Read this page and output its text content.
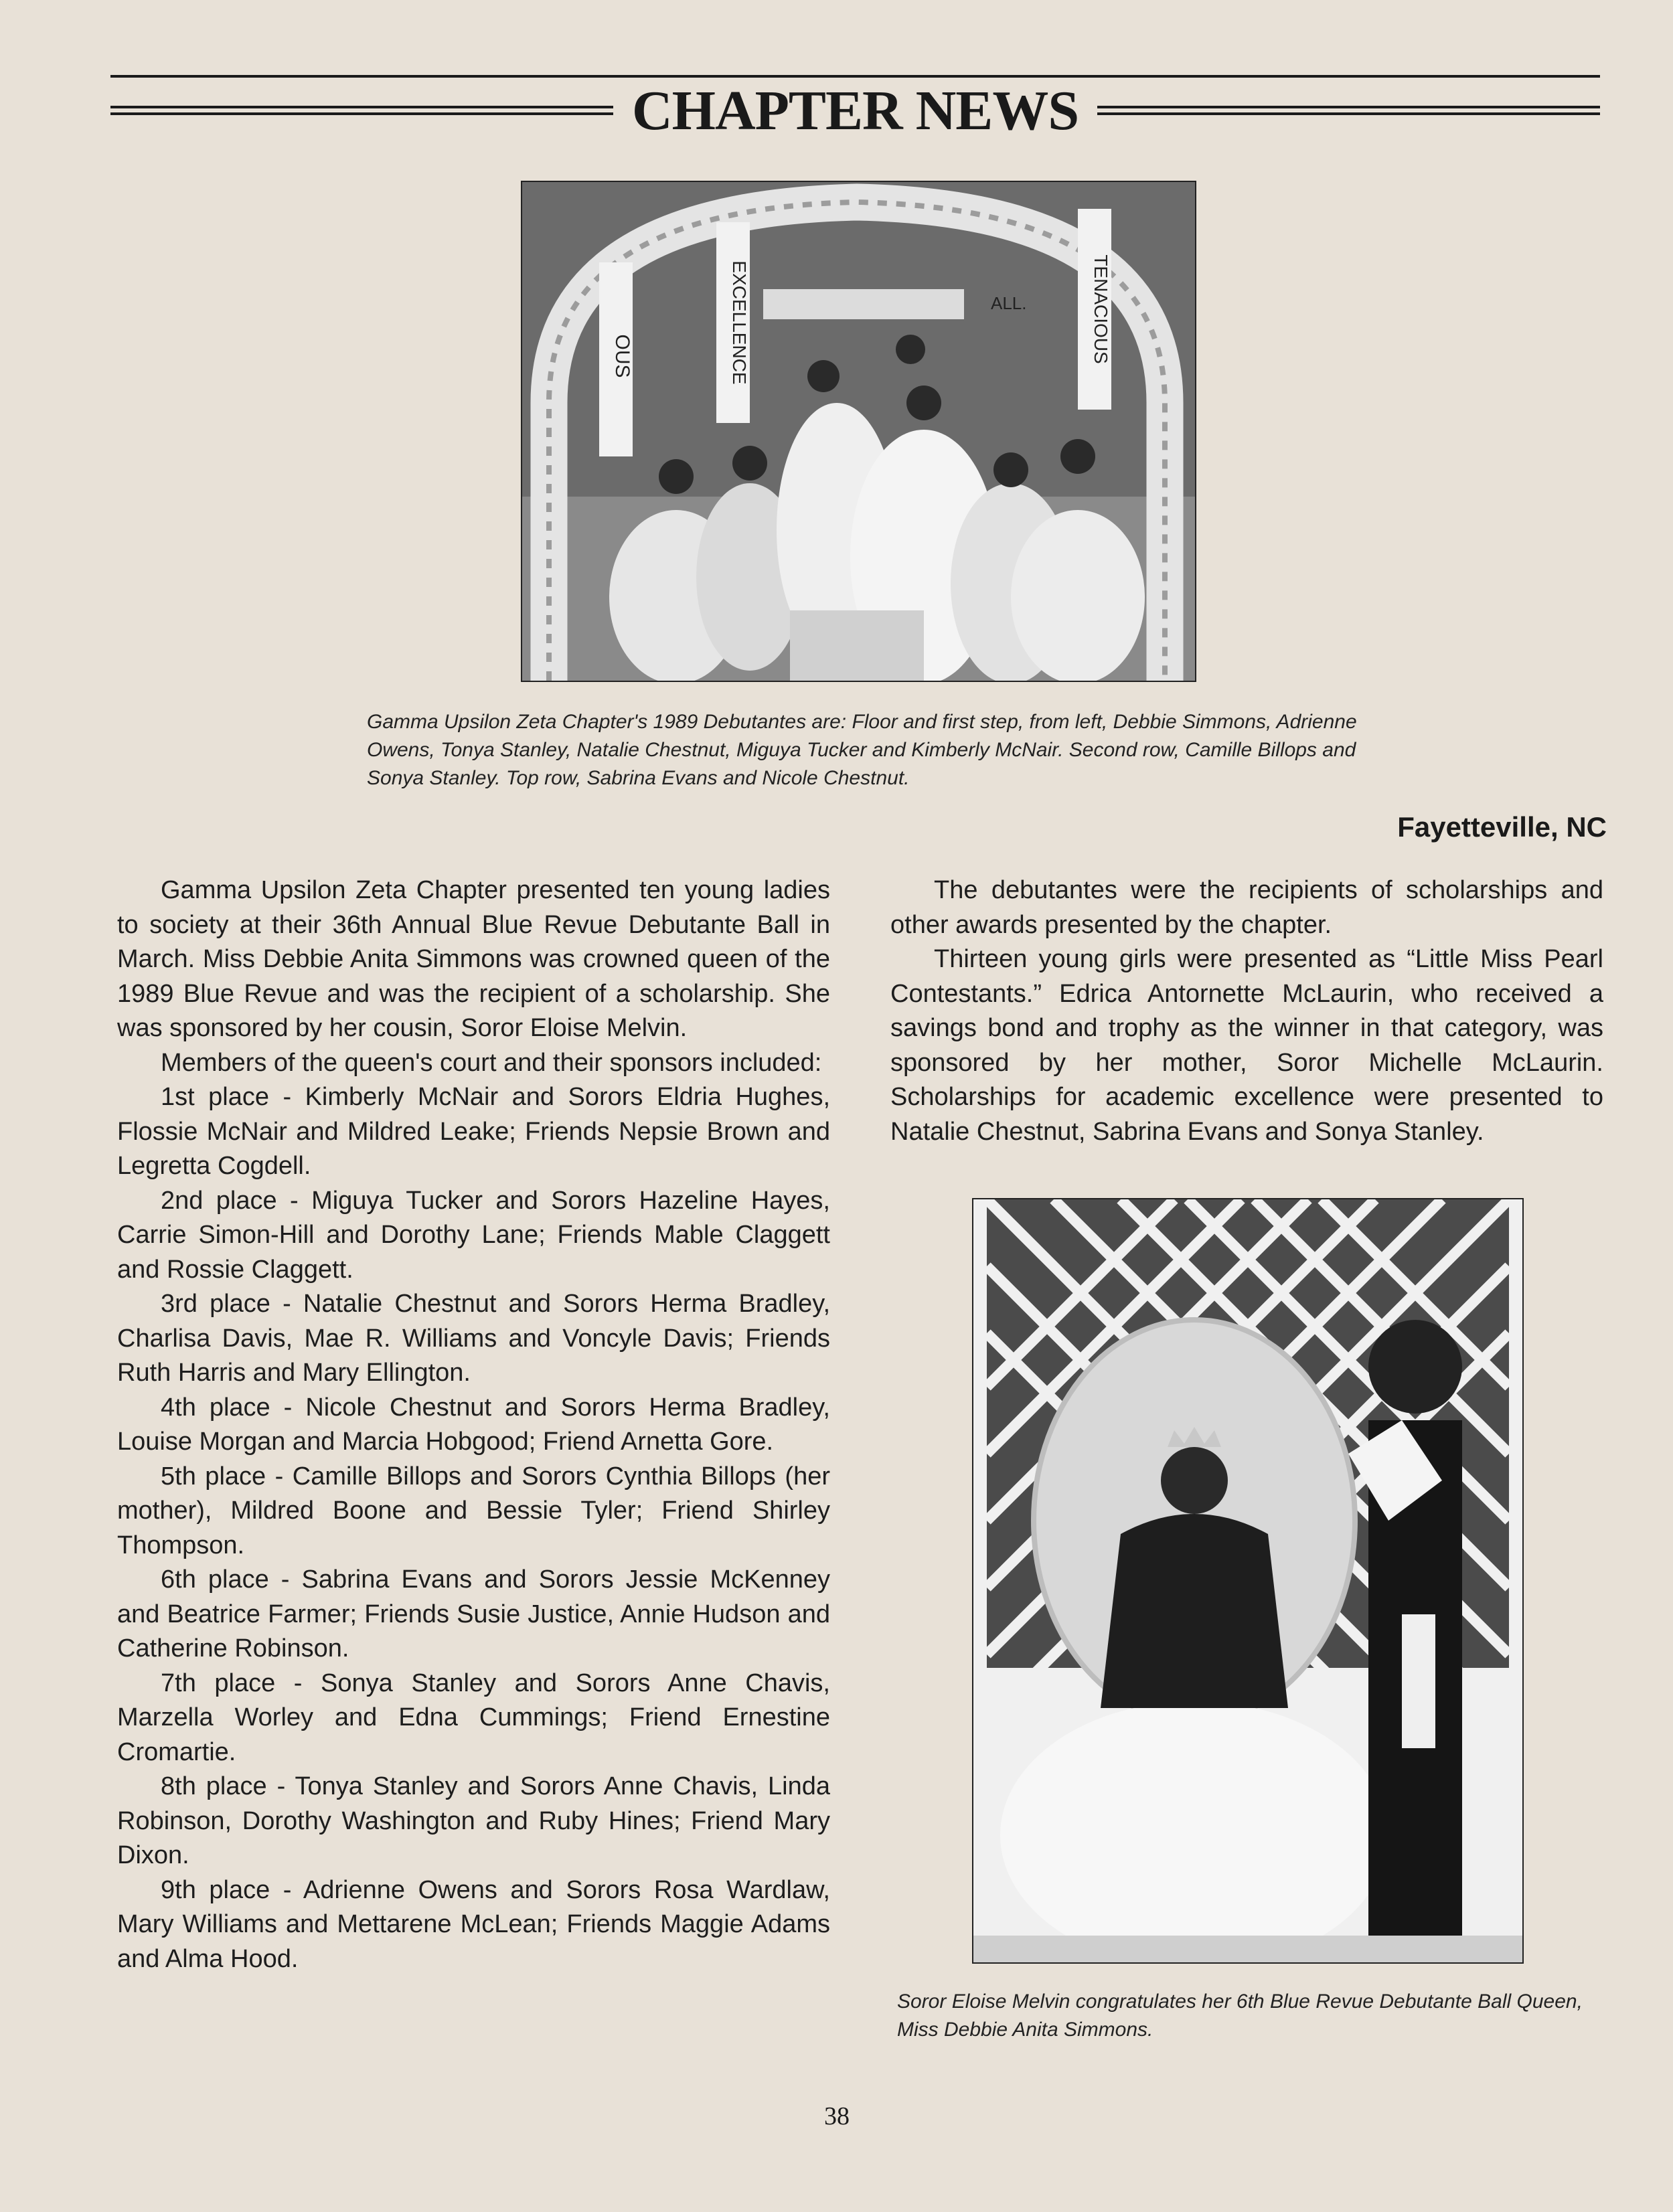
CHAPTER NEWS
OUS	EXCELLENCE	TENACIOUS
ALL.
Gamma Upsilon Zeta Chapter's 1989 Debutantes are: Floor and first step, from left, Debbie Simmons, Adrienne Owens, Tonya Stanley, Natalie Chestnut, Miguya Tucker and Kimberly McNair. Second row, Camille Billops and Sonya Stanley. Top row, Sabrina Evans and Nicole Chestnut.

Gamma Upsilon Zeta Chapter presented ten young ladies to society at their 36th Annual Blue Revue Debutante Ball in March. Miss Debbie Anita Simmons was crowned queen of the 1989 Blue Revue and was the recipient of a scholarship. She was sponsored by her cousin, Soror Eloise Melvin.

Members of the queen's court and their sponsors included:

1st place - Kimberly McNair and Sorors Eldria Hughes, Flossie McNair and Mildred Leake; Friends Nepsie Brown and Legretta Cogdell.

2nd place - Miguya Tucker and Sorors Hazeline Hayes, Carrie Simon-Hill and Dorothy Lane; Friends Mable Claggett and Rossie Claggett.

3rd place - Natalie Chestnut and Sorors Herma Bradley, Charlisa Davis, Mae R. Williams and Voncyle Davis; Friends Ruth Harris and Mary Ellington.

4th place - Nicole Chestnut and Sorors Herma Bradley, Louise Morgan and Marcia Hobgood; Friend Arnetta Gore.

5th place - Camille Billops and Sorors Cynthia Billops (her mother), Mildred Boone and Bessie Tyler; Friend Shirley Thompson.

6th place - Sabrina Evans and Sorors Jessie McKenney and Beatrice Farmer; Friends Susie Justice, Annie Hudson and Catherine Robinson.

7th place - Sonya Stanley and Sorors Anne Chavis, Marzella Worley and Edna Cummings; Friend Ernestine Cromartie.

8th place - Tonya Stanley and Sorors Anne Chavis, Linda Robinson, Dorothy Washington and Ruby Hines; Friend Mary Dixon.

9th place - Adrienne Owens and Sorors Rosa Wardlaw, Mary Williams and Mettarene McLean; Friends Maggie Adams and Alma Hood.

Fayetteville, NC

The debutantes were the recipients of scholarships and other awards presented by the chapter.

Thirteen young girls were presented as “Little Miss Pearl Contestants.” Edrica Antornette McLaurin, who received a savings bond and trophy as the winner in that category, was sponsored by her mother, Soror Michelle McLaurin. Scholarships for academic excellence were presented to Natalie Chestnut, Sabrina Evans and Sonya Stanley.

Soror Eloise Melvin congratulates her 6th Blue Revue Debutante Ball Queen, Miss Debbie Anita Simmons.
38
